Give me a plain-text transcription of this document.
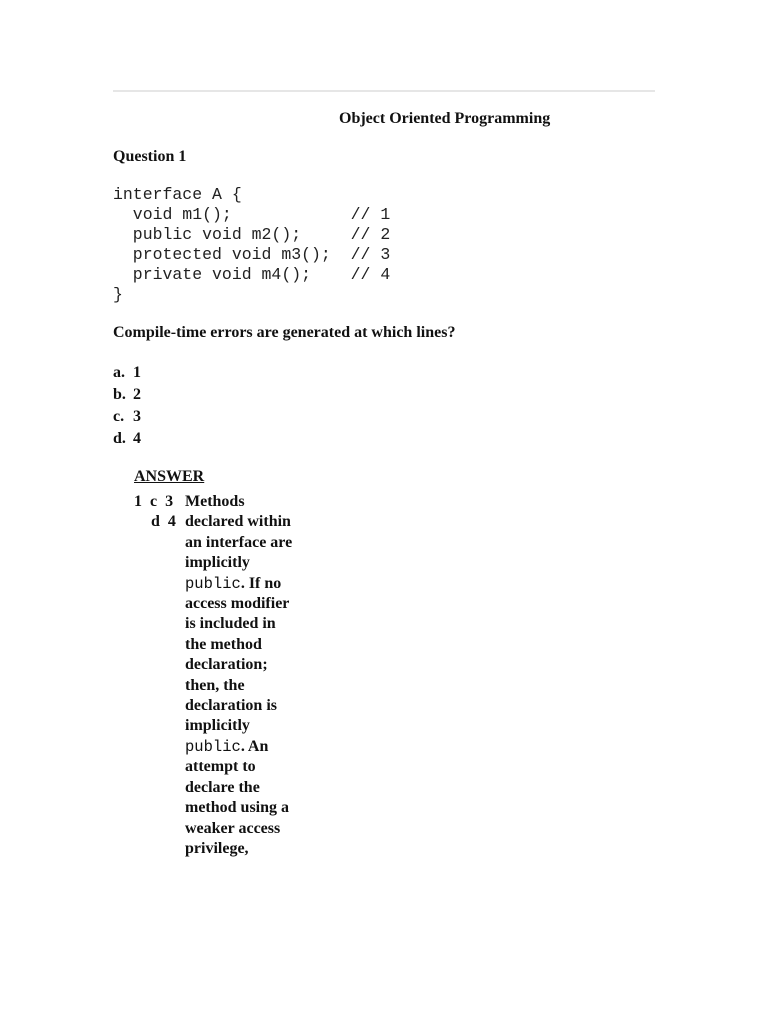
Object Oriented Programming
Question 1
interface A {
void m1();            // 1
public void m2();     // 2
protected void m3();  // 3
private void m4();    // 4
}
Compile-time errors are generated at which lines?
a. 1
b. 2
c. 3
d. 4
ANSWER
1  c  3
d  4
Methods declared within an interface are implicitly public. If no access modifier is included in the method declaration; then, the declaration is implicitly public. An attempt to declare the method using a weaker access privilege,
